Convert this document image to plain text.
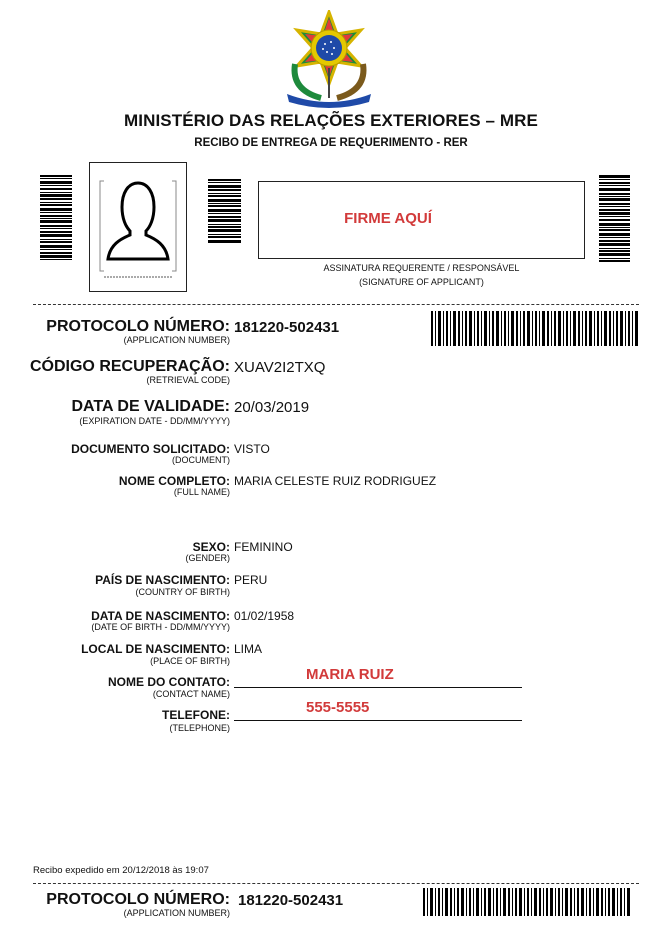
MINISTÉRIO DAS RELAÇÕES EXTERIORES – MRE
RECIBO DE ENTREGA DE REQUERIMENTO - RER
FIRME AQUÍ
ASSINATURA REQUERENTE / RESPONSÁVEL
(SIGNATURE OF APPLICANT)
PROTOCOLO NÚMERO:
(APPLICATION NUMBER)
181220-502431
CÓDIGO RECUPERAÇÃO:
(RETRIEVAL CODE)
XUAV2I2TXQ
DATA DE VALIDADE:
(EXPIRATION DATE - DD/MM/YYYY)
20/03/2019
DOCUMENTO SOLICITADO:
(DOCUMENT)
VISTO
NOME COMPLETO:
(FULL NAME)
MARIA CELESTE RUIZ RODRIGUEZ
SEXO:
(GENDER)
FEMININO
PAÍS DE NASCIMENTO:
(COUNTRY OF BIRTH)
PERU
DATA DE NASCIMENTO:
(DATE OF BIRTH - DD/MM/YYYY)
01/02/1958
LOCAL DE NASCIMENTO:
(PLACE OF BIRTH)
LIMA
NOME DO CONTATO:
(CONTACT NAME)
MARIA RUIZ
TELEFONE:
(TELEPHONE)
555-5555
Recibo expedido em 20/12/2018 às 19:07
PROTOCOLO NÚMERO:
(APPLICATION NUMBER)
181220-502431
